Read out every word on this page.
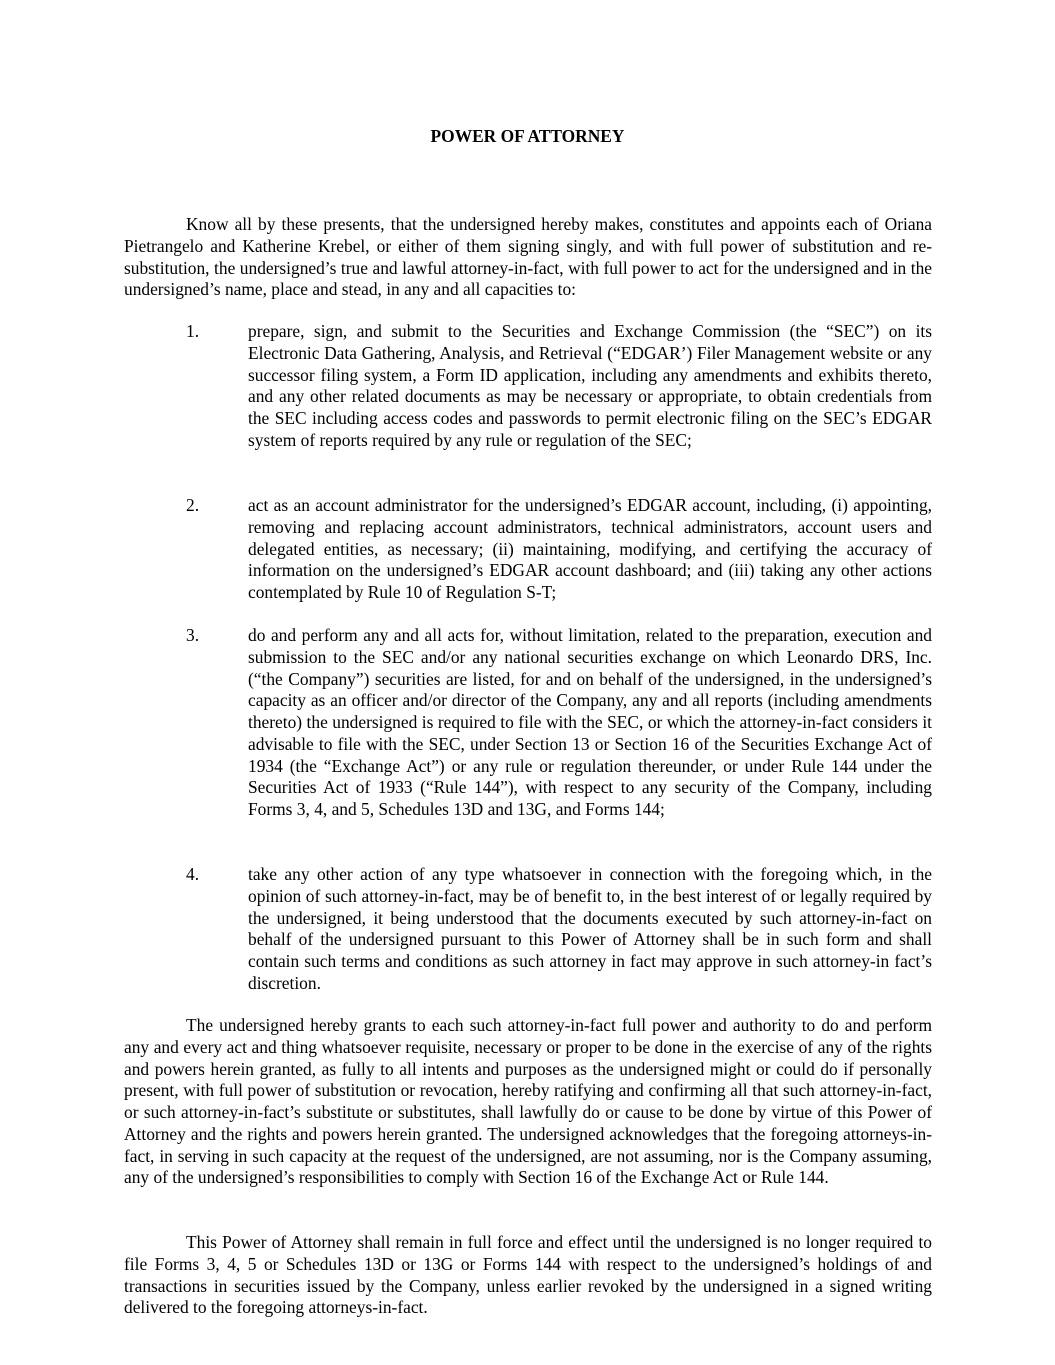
POWER OF ATTORNEY

Know all by these presents, that the undersigned hereby makes, constitutes and appoints each of Oriana Pietrangelo and Katherine Krebel, or either of them signing singly, and with full power of substitution and re-substitution, the undersigned’s true and lawful attorney-in-fact, with full power to act for the undersigned and in the undersigned’s name, place and stead, in any and all capacities to:

1.	prepare, sign, and submit to the Securities and Exchange Commission (the “SEC”) on its Electronic Data Gathering, Analysis, and Retrieval (“EDGAR’) Filer Management website or any successor filing system, a Form ID application, including any amendments and exhibits thereto, and any other related documents as may be necessary or appropriate, to obtain credentials from the SEC including access codes and passwords to permit electronic filing on the SEC’s EDGAR system of reports required by any rule or regulation of the SEC;
2.	act as an account administrator for the undersigned’s EDGAR account, including, (i) appointing, removing and replacing account administrators, technical administrators, account users and delegated entities, as necessary; (ii) maintaining, modifying, and certifying the accuracy of information on the undersigned’s EDGAR account dashboard; and (iii) taking any other actions contemplated by Rule 10 of Regulation S-T;
3.	do and perform any and all acts for, without limitation, related to the preparation, execution and submission to the SEC and/or any national securities exchange on which Leonardo DRS, Inc. (“the Company”) securities are listed, for and on behalf of the undersigned, in the undersigned’s capacity as an officer and/or director of the Company, any and all reports (including amendments thereto) the undersigned is required to file with the SEC, or which the attorney-in-fact considers it advisable to file with the SEC, under Section 13 or Section 16 of the Securities Exchange Act of 1934 (the “Exchange Act”) or any rule or regulation thereunder, or under Rule 144 under the Securities Act of 1933 (“Rule 144”), with respect to any security of the Company, including Forms 3, 4, and 5, Schedules 13D and 13G, and Forms 144;
4.	take any other action of any type whatsoever in connection with the foregoing which, in the opinion of such attorney-in-fact, may be of benefit to, in the best interest of or legally required by the undersigned, it being understood that the documents executed by such attorney-in-fact on behalf of the undersigned pursuant to this Power of Attorney shall be in such form and shall contain such terms and conditions as such attorney in fact may approve in such attorney-in fact’s discretion.

The undersigned hereby grants to each such attorney-in-fact full power and authority to do and perform any and every act and thing whatsoever requisite, necessary or proper to be done in the exercise of any of the rights and powers herein granted, as fully to all intents and purposes as the undersigned might or could do if personally present, with full power of substitution or revocation, hereby ratifying and confirming all that such attorney-in-fact, or such attorney-in-fact’s substitute or substitutes, shall lawfully do or cause to be done by virtue of this Power of Attorney and the rights and powers herein granted. The undersigned acknowledges that the foregoing attorneys-in-fact, in serving in such capacity at the request of the undersigned, are not assuming, nor is the Company assuming, any of the undersigned’s responsibilities to comply with Section 16 of the Exchange Act or Rule 144.

This Power of Attorney shall remain in full force and effect until the undersigned is no longer required to file Forms 3, 4, 5 or Schedules 13D or 13G or Forms 144 with respect to the undersigned’s holdings of and transactions in securities issued by the Company, unless earlier revoked by the undersigned in a signed writing delivered to the foregoing attorneys-in-fact.
